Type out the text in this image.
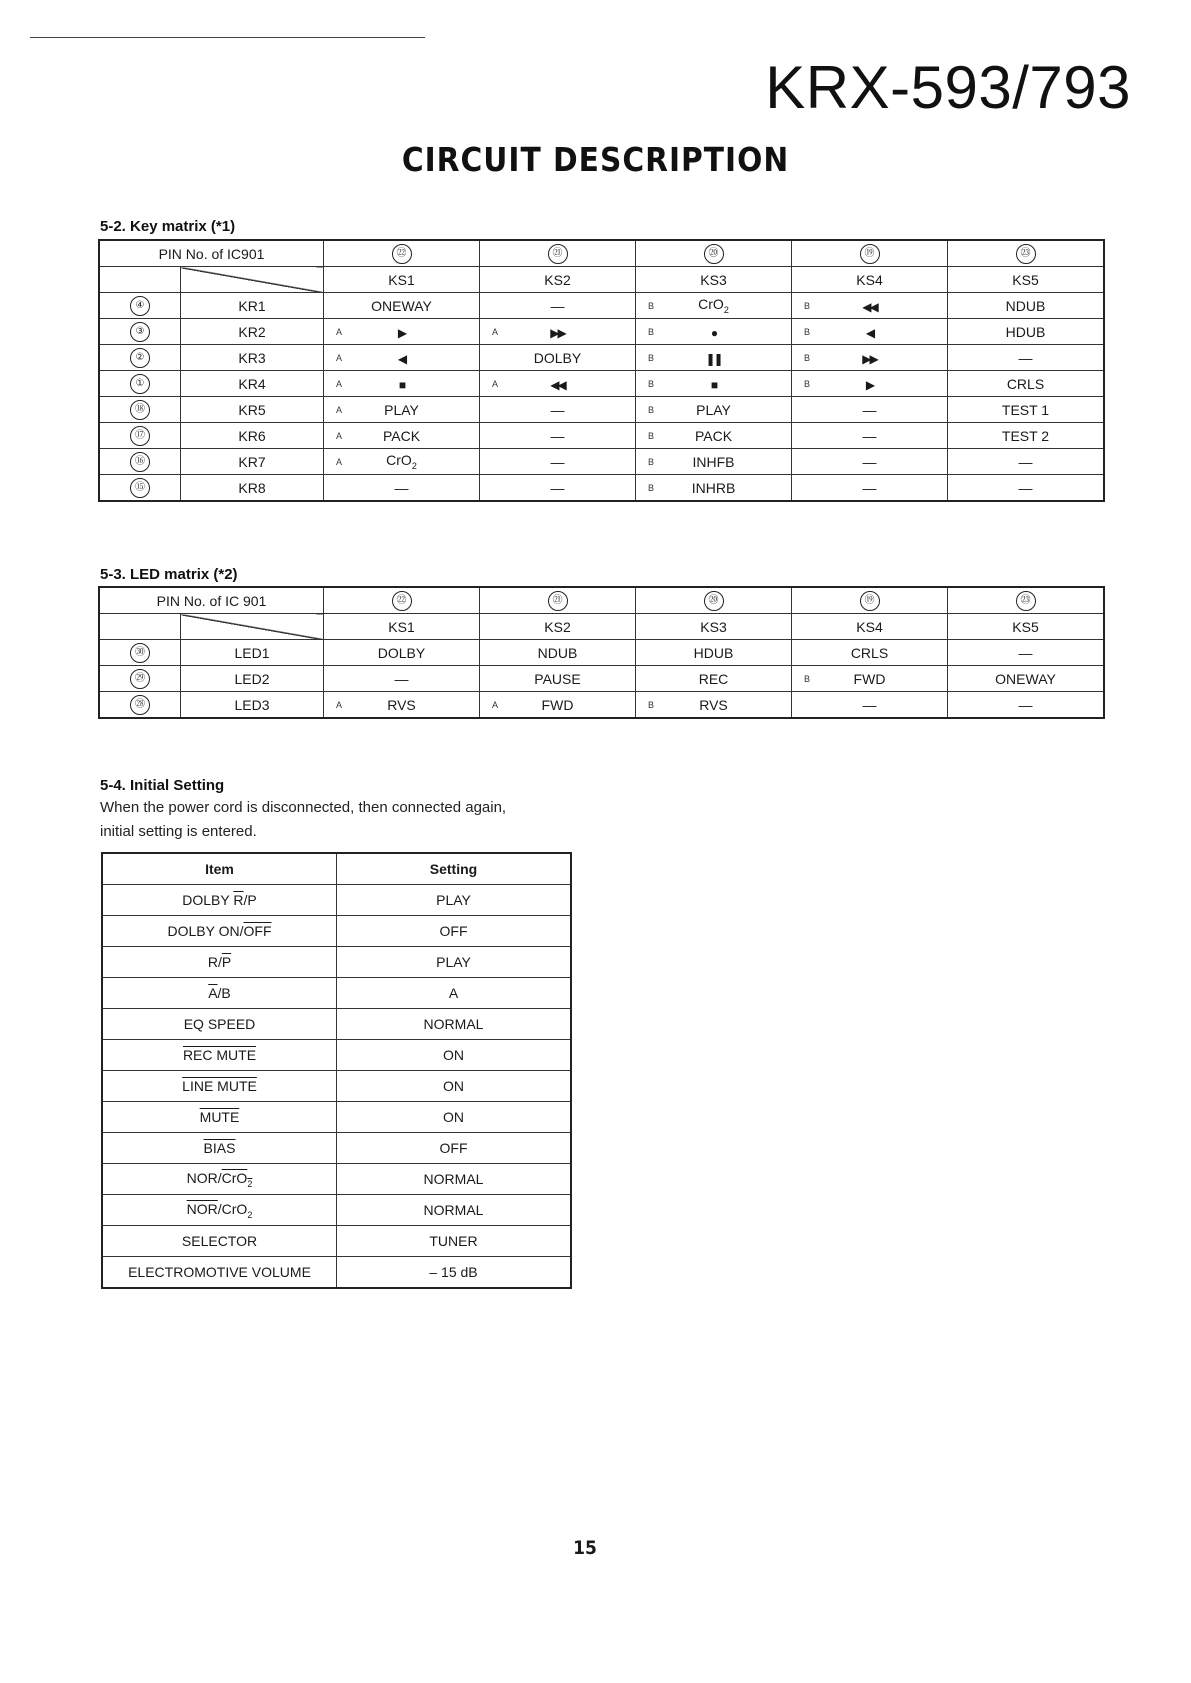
KRX-593/793
CIRCUIT DESCRIPTION
5-2. Key matrix (*1)
PIN No. of IC901		㉒	㉑	⑳	⑲	㉓
		KS1	KS2	KS3	KS4	KS5
④	KR1	ONEWAY	—	B CrO$_2$	B ◀◀	NDUB
③	KR2	A ▶	A ▶▶	B ●	B ◀	HDUB
②	KR3	A ◀	DOLBY	B ❚❚	B ▶▶	—
①	KR4	A ■	A ◀◀	B ■	B ▶	CRLS
⑱	KR5	A PLAY	—	B PLAY	—	TEST 1
⑰	KR6	A PACK	—	B PACK	—	TEST 2
⑯	KR7	A CrO$_2$	—	B INHFB	—	—
⑮	KR8	—	—	B INHRB	—	—
5-3. LED matrix (*2)
PIN No. of IC 901		㉒	㉑	⑳	⑲	㉓
		KS1	KS2	KS3	KS4	KS5
㉚	LED1	DOLBY	NDUB	HDUB	CRLS	—
㉙	LED2	—	PAUSE	REC	B FWD	ONEWAY
㉘	LED3	A RVS	A FWD	B RVS	—	—
5-4. Initial Setting
When the power cord is disconnected, then connected again,
initial setting is entered.
Item	Setting
DOLBY $\overline{R}/P$	PLAY
DOLBY $ON/\overline{OFF}$	OFF
$R/\overline{P}$	PLAY
$\overline{A}/B$	A
EQ SPEED	NORMAL
REC MUTE	ON
LINE MUTE	ON
MUTE	ON
BIAS	OFF
NOR/CrO$_2$	NORMAL
$\overline{NOR}/CrO_2$	NORMAL
SELECTOR	TUNER
ELECTROMOTIVE VOLUME	– 15 dB
15
